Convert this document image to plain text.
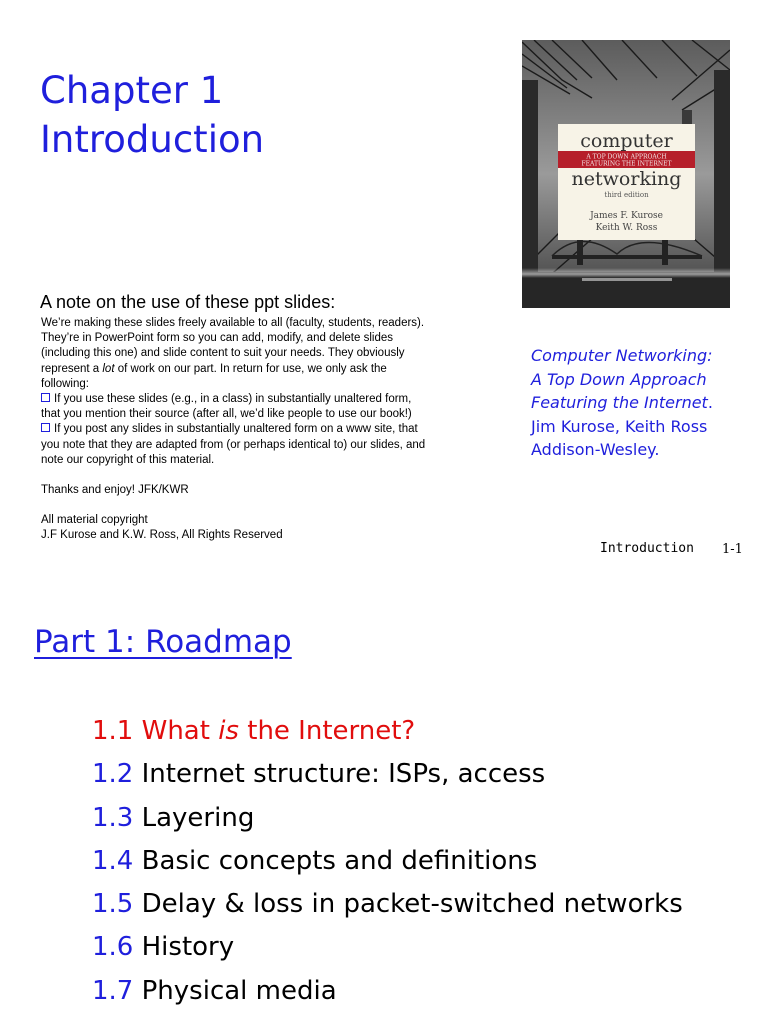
Chapter 1
Introduction	computer
A TOP DOWN APPROACH
FEATURING THE INTERNET
networking
third edition
James F. Kurose
Keith W. Ross
A note on the use of these ppt slides:

We’re making these slides freely available to all (faculty, students, readers).

They’re in PowerPoint form so you can add, modify, and delete slides

(including this one) and slide content to suit your needs. They obviously

represent a lot of work on our part. In return for use, we only ask the

following:

If you use these slides (e.g., in a class) in substantially unaltered form,

that you mention their source (after all, we’d like people to use our book!)

If you post any slides in substantially unaltered form on a www site, that

you note that they are adapted from (or perhaps identical to) our slides, and

note our copyright of this material.

Thanks and enjoy! JFK/KWR

All material copyright

J.F Kurose and K.W. Ross, All Rights Reserved

Computer Networking:
A Top Down Approach
Featuring the Internet.
Jim Kurose, Keith Ross
Addison-Wesley.
Introduction 1-1
Part 1: Roadmap
1.1 What is the Internet?
1.2 Internet structure: ISPs, access
1.3 Layering
1.4 Basic concepts and definitions
1.5 Delay & loss in packet-switched networks
1.6 History
1.7 Physical media
